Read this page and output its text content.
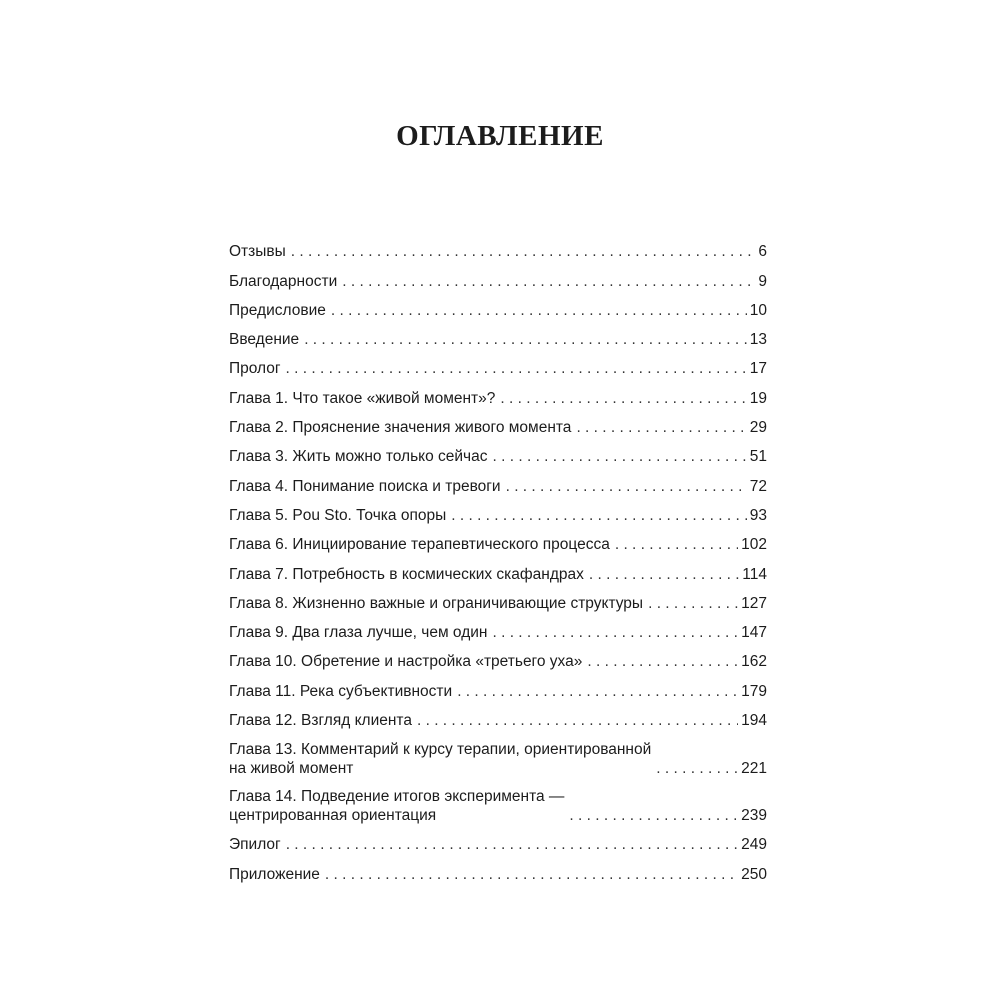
ОГЛАВЛЕНИЕ
Отзывы . . .	6
Благодарности . . .	9
Предисловие . . .	10
Введение . . .	13
Пролог . . .	17
Глава 1. Что такое «живой момент»? . . .	19
Глава 2. Прояснение значения живого момента . . .	29
Глава 3. Жить можно только сейчас . . .	51
Глава 4. Понимание поиска и тревоги . . .	72
Глава 5. Pou Sto. Точка опоры . . .	93
Глава 6. Инициирование терапевтического процесса . . .	102
Глава 7. Потребность в космических скафандрах . . .	114
Глава 8. Жизненно важные и ограничивающие структуры . . .	127
Глава 9. Два глаза лучше, чем один . . .	147
Глава 10. Обретение и настройка «третьего уха» . . .	162
Глава 11. Река субъективности . . .	179
Глава 12. Взгляд клиента . . .	194
Глава 13. Комментарий к курсу терапии, ориентированной
на живой момент . . .	221
Глава 14. Подведение итогов эксперимента —
центрированная ориентация . . .	239
Эпилог . . .	249
Приложение . . .	250
